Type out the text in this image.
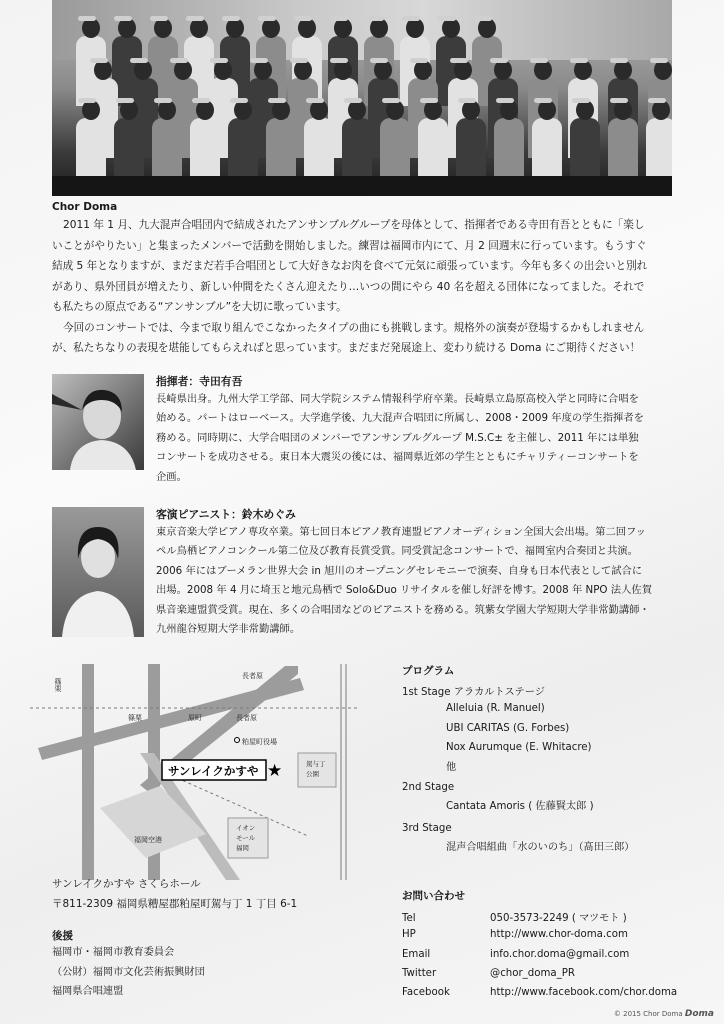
Chor Doma

2011 年 1 月、九大混声合唱団内で結成されたアンサンブルグループを母体として、指揮者である寺田有吾とともに「楽し
いことがやりたい」と集まったメンバーで活動を開始しました。練習は福岡市内にて、月 2 回週末に行っています。もうすぐ
結成 5 年となりますが、まだまだ若手合唱団として大好きなお肉を食べて元気に頑張っています。今年も多くの出会いと別れ
があり、県外団員が増えたり、新しい仲間をたくさん迎えたり…いつの間にやら 40 名を超える団体になってました。それで
も私たちの原点である“アンサンブル”を大切に歌っています。

今回のコンサートでは、今まで取り組んでこなかったタイプの曲にも挑戦します。規格外の演奏が登場するかもしれません
が、私たちなりの表現を堪能してもらえればと思っています。まだまだ発展途上、変わり続ける Doma にご期待ください！

指揮者：寺田有吾
長崎県出身。九州大学工学部、同大学院システム情報科学府卒業。長崎県立島原高校入学と同時に合唱を
始める。パートはローベース。大学進学後、九大混声合唱団に所属し、2008・2009 年度の学生指揮者を
務める。同時期に、大学合唱団のメンバーでアンサンブルグループ M.S.C± を主催し、2011 年には単独
コンサートを成功させる。東日本大震災の後には、福岡県近郊の学生とともにチャリティーコンサートを
企画。
客演ピアニスト：鈴木めぐみ
東京音楽大学ピアノ専攻卒業。第七回日本ピアノ教育連盟ピアノオーディション全国大会出場。第二回フッ
ペル鳥栖ピアノコンクール第二位及び教育長賞受賞。同受賞記念コンサートで、福岡室内合奏団と共演。
2006 年にはブーメラン世界大会 in 旭川のオープニングセレモニーで演奏、自身も日本代表として試合に
出場。2008 年 4 月に埼玉と地元鳥栖で Solo&Duo リサイタルを催し好評を博す。2008 年 NPO 法人佐賀
県音楽連盟賞受賞。現在、多くの合唱団などのピアニストを務める。筑紫女学園大学短期大学非常勤講師・
九州龍谷短期大学非常勤講師。
サンレイクかすや ★
長者原
篠栗	原町	長者原
粕屋町役場
福岡空港
篠栗
イオン
モール
福岡
駕与丁
公園
サンレイクかすや さくらホール
〒811-2309 福岡県糟屋郡粕屋町駕与丁 1 丁目 6-1
後援
福岡市・福岡市教育委員会
（公財）福岡市文化芸術振興財団
福岡県合唱連盟
プログラム
1st Stage アラカルトステージ
Alleluia (R. Manuel)
UBI CARITAS (G. Forbes)
Nox Aurumque (E. Whitacre)
他
2nd Stage
Cantata Amoris ( 佐藤賢太郎 )
3rd Stage
混声合唱組曲「水のいのち」（髙田三郎）
お問い合わせ
Tel	050-3573-2249 ( マツモト )
HP	http://www.chor-doma.com
Email	info.chor.doma@gmail.com
Twitter	@chor_doma_PR
Facebook	http://www.facebook.com/chor.doma
© 2015 Chor Doma Doma
